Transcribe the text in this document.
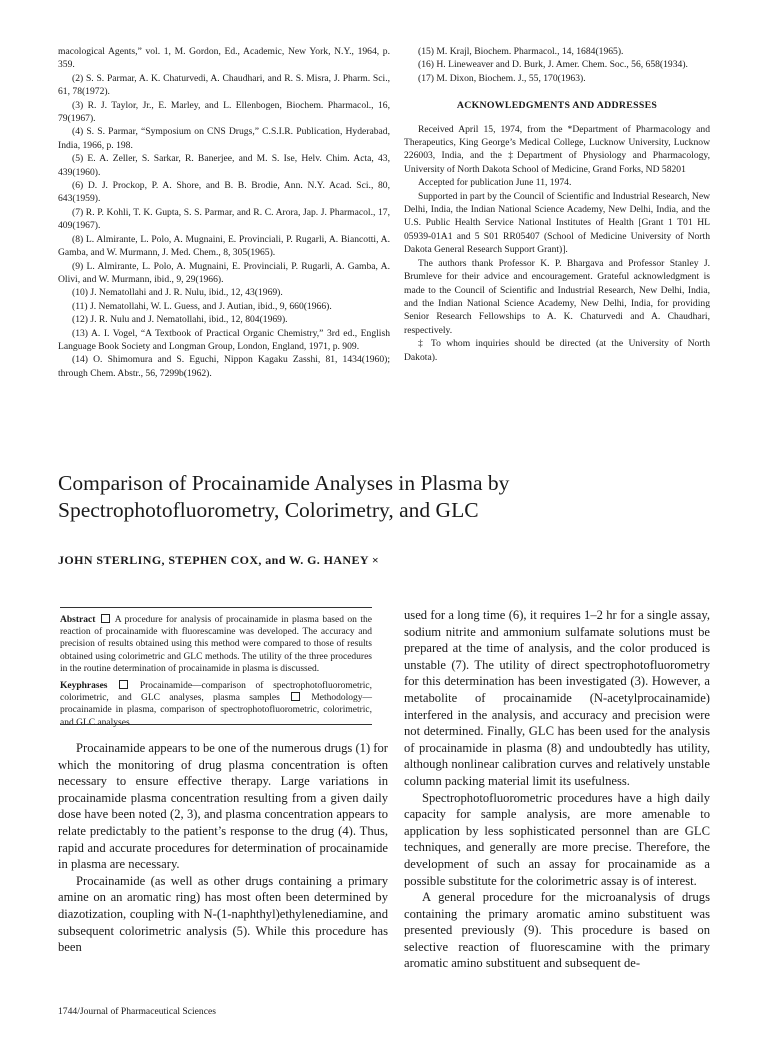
macological Agents,” vol. 1, M. Gordon, Ed., Academic, New York, N.Y., 1964, p. 359.

(2) S. S. Parmar, A. K. Chaturvedi, A. Chaudhari, and R. S. Misra, J. Pharm. Sci., 61, 78(1972).

(3) R. J. Taylor, Jr., E. Marley, and L. Ellenbogen, Biochem. Pharmacol., 16, 79(1967).

(4) S. S. Parmar, “Symposium on CNS Drugs,” C.S.I.R. Publication, Hyderabad, India, 1966, p. 198.

(5) E. A. Zeller, S. Sarkar, R. Banerjee, and M. S. Ise, Helv. Chim. Acta, 43, 439(1960).

(6) D. J. Prockop, P. A. Shore, and B. B. Brodie, Ann. N.Y. Acad. Sci., 80, 643(1959).

(7) R. P. Kohli, T. K. Gupta, S. S. Parmar, and R. C. Arora, Jap. J. Pharmacol., 17, 409(1967).

(8) L. Almirante, L. Polo, A. Mugnaini, E. Provinciali, P. Rugarli, A. Biancotti, A. Gamba, and W. Murmann, J. Med. Chem., 8, 305(1965).

(9) L. Almirante, L. Polo, A. Mugnaini, E. Provinciali, P. Rugarli, A. Gamba, A. Olivi, and W. Murmann, ibid., 9, 29(1966).

(10) J. Nematollahi and J. R. Nulu, ibid., 12, 43(1969).

(11) J. Nematollahi, W. L. Guess, and J. Autian, ibid., 9, 660(1966).

(12) J. R. Nulu and J. Nematollahi, ibid., 12, 804(1969).

(13) A. I. Vogel, “A Textbook of Practical Organic Chemistry,” 3rd ed., English Language Book Society and Longman Group, London, England, 1971, p. 909.

(14) O. Shimomura and S. Eguchi, Nippon Kagaku Zasshi, 81, 1434(1960); through Chem. Abstr., 56, 7299b(1962).

(15) M. Krajl, Biochem. Pharmacol., 14, 1684(1965).

(16) H. Lineweaver and D. Burk, J. Amer. Chem. Soc., 56, 658(1934).

(17) M. Dixon, Biochem. J., 55, 170(1963).

ACKNOWLEDGMENTS AND ADDRESSES

Received April 15, 1974, from the *Department of Pharmacology and Therapeutics, King George’s Medical College, Lucknow University, Lucknow 226003, India, and the ‡Department of Physiology and Pharmacology, University of North Dakota School of Medicine, Grand Forks, ND 58201

Accepted for publication June 11, 1974.

Supported in part by the Council of Scientific and Industrial Research, New Delhi, India, the Indian National Science Academy, New Delhi, India, and the U.S. Public Health Service National Institutes of Health [Grant 1 T01 HL 05939-01A1 and 5 S01 RR05407 (School of Medicine University of North Dakota General Research Support Grant)].

The authors thank Professor K. P. Bhargava and Professor Stanley J. Brumleve for their advice and encouragement. Grateful acknowledgment is made to the Council of Scientific and Industrial Research, New Delhi, India, and the Indian National Science Academy, New Delhi, India, for providing Senior Research Fellowships to A. K. Chaturvedi and A. Chaudhari, respectively.

‡ To whom inquiries should be directed (at the University of North Dakota).

Comparison of Procainamide Analyses in Plasma by
Spectrophotofluorometry, Colorimetry, and GLC

JOHN STERLING, STEPHEN COX, and W. G. HANEY ×

Abstract A procedure for analysis of procainamide in plasma based on the reaction of procainamide with fluorescamine was developed. The accuracy and precision of results obtained using this method were compared to those of results obtained using colorimetric and GLC methods. The utility of the three procedures in the routine determination of procainamide in plasma is discussed.

Keyphrases	Procainamide—comparison of spectrophotofluorometric, colorimetric, and GLC analyses, plasma samples	Methodology—procainamide in plasma, comparison of spectrophotofluorometric, colorimetric, and GLC analyses

Procainamide appears to be one of the numerous drugs (1) for which the monitoring of drug plasma concentration is often necessary to ensure effective therapy. Large variations in procainamide plasma concentration resulting from a given daily dose have been noted (2, 3), and plasma concentration appears to relate predictably to the patient’s response to the drug (4). Thus, rapid and accurate procedures for determination of procainamide in plasma are necessary.

Procainamide (as well as other drugs containing a primary amine on an aromatic ring) has most often been determined by diazotization, coupling with N-(1-naphthyl)ethylenediamine, and subsequent colorimetric analysis (5). While this procedure has been

used for a long time (6), it requires 1–2 hr for a single assay, sodium nitrite and ammonium sulfamate solutions must be prepared at the time of analysis, and the color produced is unstable (7). The utility of direct spectrophotofluorometry for this determination has been investigated (3). However, a metabolite of procainamide (N-acetylprocainamide) interfered in the analysis, and accuracy and precision were not determined. Finally, GLC has been used for the analysis of procainamide in plasma (8) and undoubtedly has utility, although nonlinear calibration curves and relatively unstable column packing material limit its usefulness.

Spectrophotofluorometric procedures have a high daily capacity for sample analysis, are more amenable to application by less sophisticated personnel than are GLC techniques, and generally are more precise. Therefore, the development of such an assay for procainamide as a possible substitute for the colorimetric assay is of interest.

A general procedure for the microanalysis of drugs containing the primary aromatic amino substituent was presented previously (9). This procedure is based on selective reaction of fluorescamine with the primary aromatic amino substituent and subsequent de-

1744/Journal of Pharmaceutical Sciences
